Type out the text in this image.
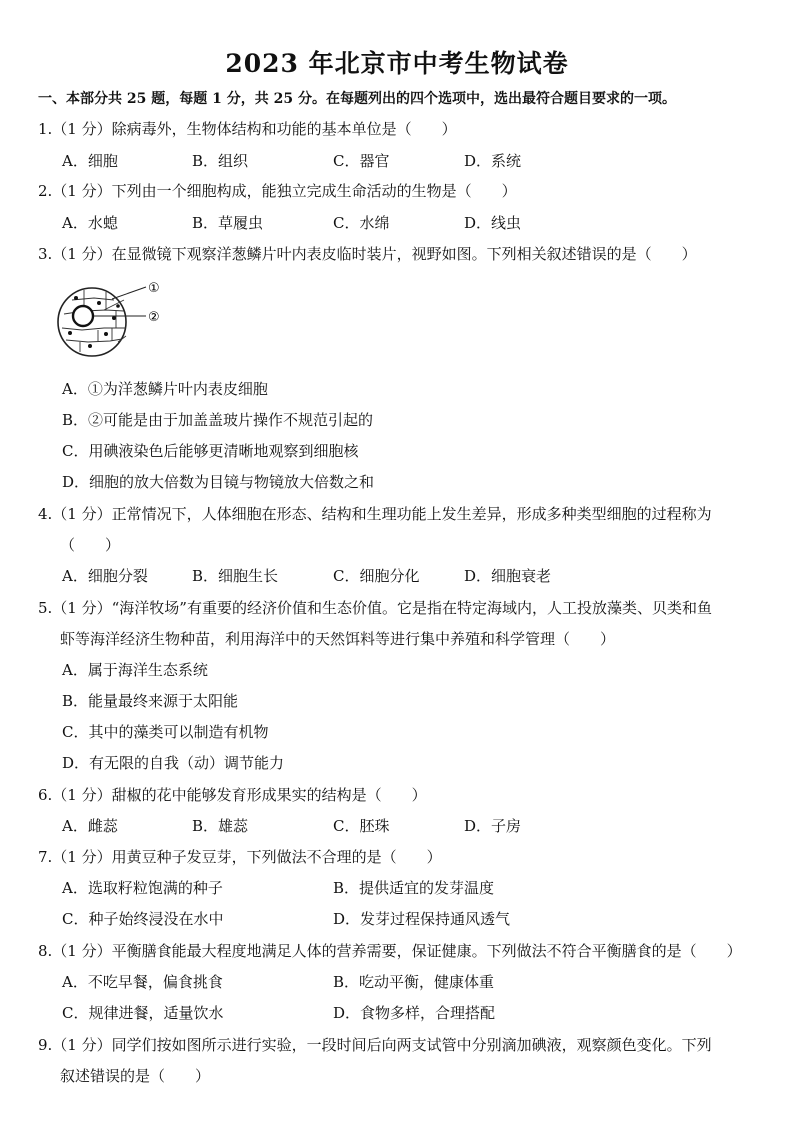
2023 年北京市中考生物试卷
一、本部分共 25 题，每题 1 分，共 25 分。在每题列出的四个选项中，选出最符合题目要求的一项。
1.（1 分）除病毒外，生物体结构和功能的基本单位是（　　）
A．细胞	B．组织	C．器官	D．系统
2.（1 分）下列由一个细胞构成，能独立完成生命活动的生物是（　　）
A．水螅	B．草履虫	C．水绵	D．线虫
3.（1 分）在显微镜下观察洋葱鳞片叶内表皮临时装片，视野如图。下列相关叙述错误的是（　　）
①
②
A．①为洋葱鳞片叶内表皮细胞
B．②可能是由于加盖盖玻片操作不规范引起的
C．用碘液染色后能够更清晰地观察到细胞核
D．细胞的放大倍数为目镜与物镜放大倍数之和
4.（1 分）正常情况下，人体细胞在形态、结构和生理功能上发生差异，形成多种类型细胞的过程称为
（　　）
A．细胞分裂	B．细胞生长	C．细胞分化	D．细胞衰老
5.（1 分）“海洋牧场”有重要的经济价值和生态价值。它是指在特定海域内，人工投放藻类、贝类和鱼
虾等海洋经济生物种苗，利用海洋中的天然饵料等进行集中养殖和科学管理（　　）
A．属于海洋生态系统
B．能量最终来源于太阳能
C．其中的藻类可以制造有机物
D．有无限的自我（动）调节能力
6.（1 分）甜椒的花中能够发育形成果实的结构是（　　）
A．雌蕊	B．雄蕊	C．胚珠	D．子房
7.（1 分）用黄豆种子发豆芽，下列做法不合理的是（　　）
A．选取籽粒饱满的种子	B．提供适宜的发芽温度
C．种子始终浸没在水中	D．发芽过程保持通风透气
8.（1 分）平衡膳食能最大程度地满足人体的营养需要，保证健康。下列做法不符合平衡膳食的是（　　）
A．不吃早餐，偏食挑食	B．吃动平衡，健康体重
C．规律进餐，适量饮水	D．食物多样，合理搭配
9.（1 分）同学们按如图所示进行实验，一段时间后向两支试管中分别滴加碘液，观察颜色变化。下列
叙述错误的是（　　）
